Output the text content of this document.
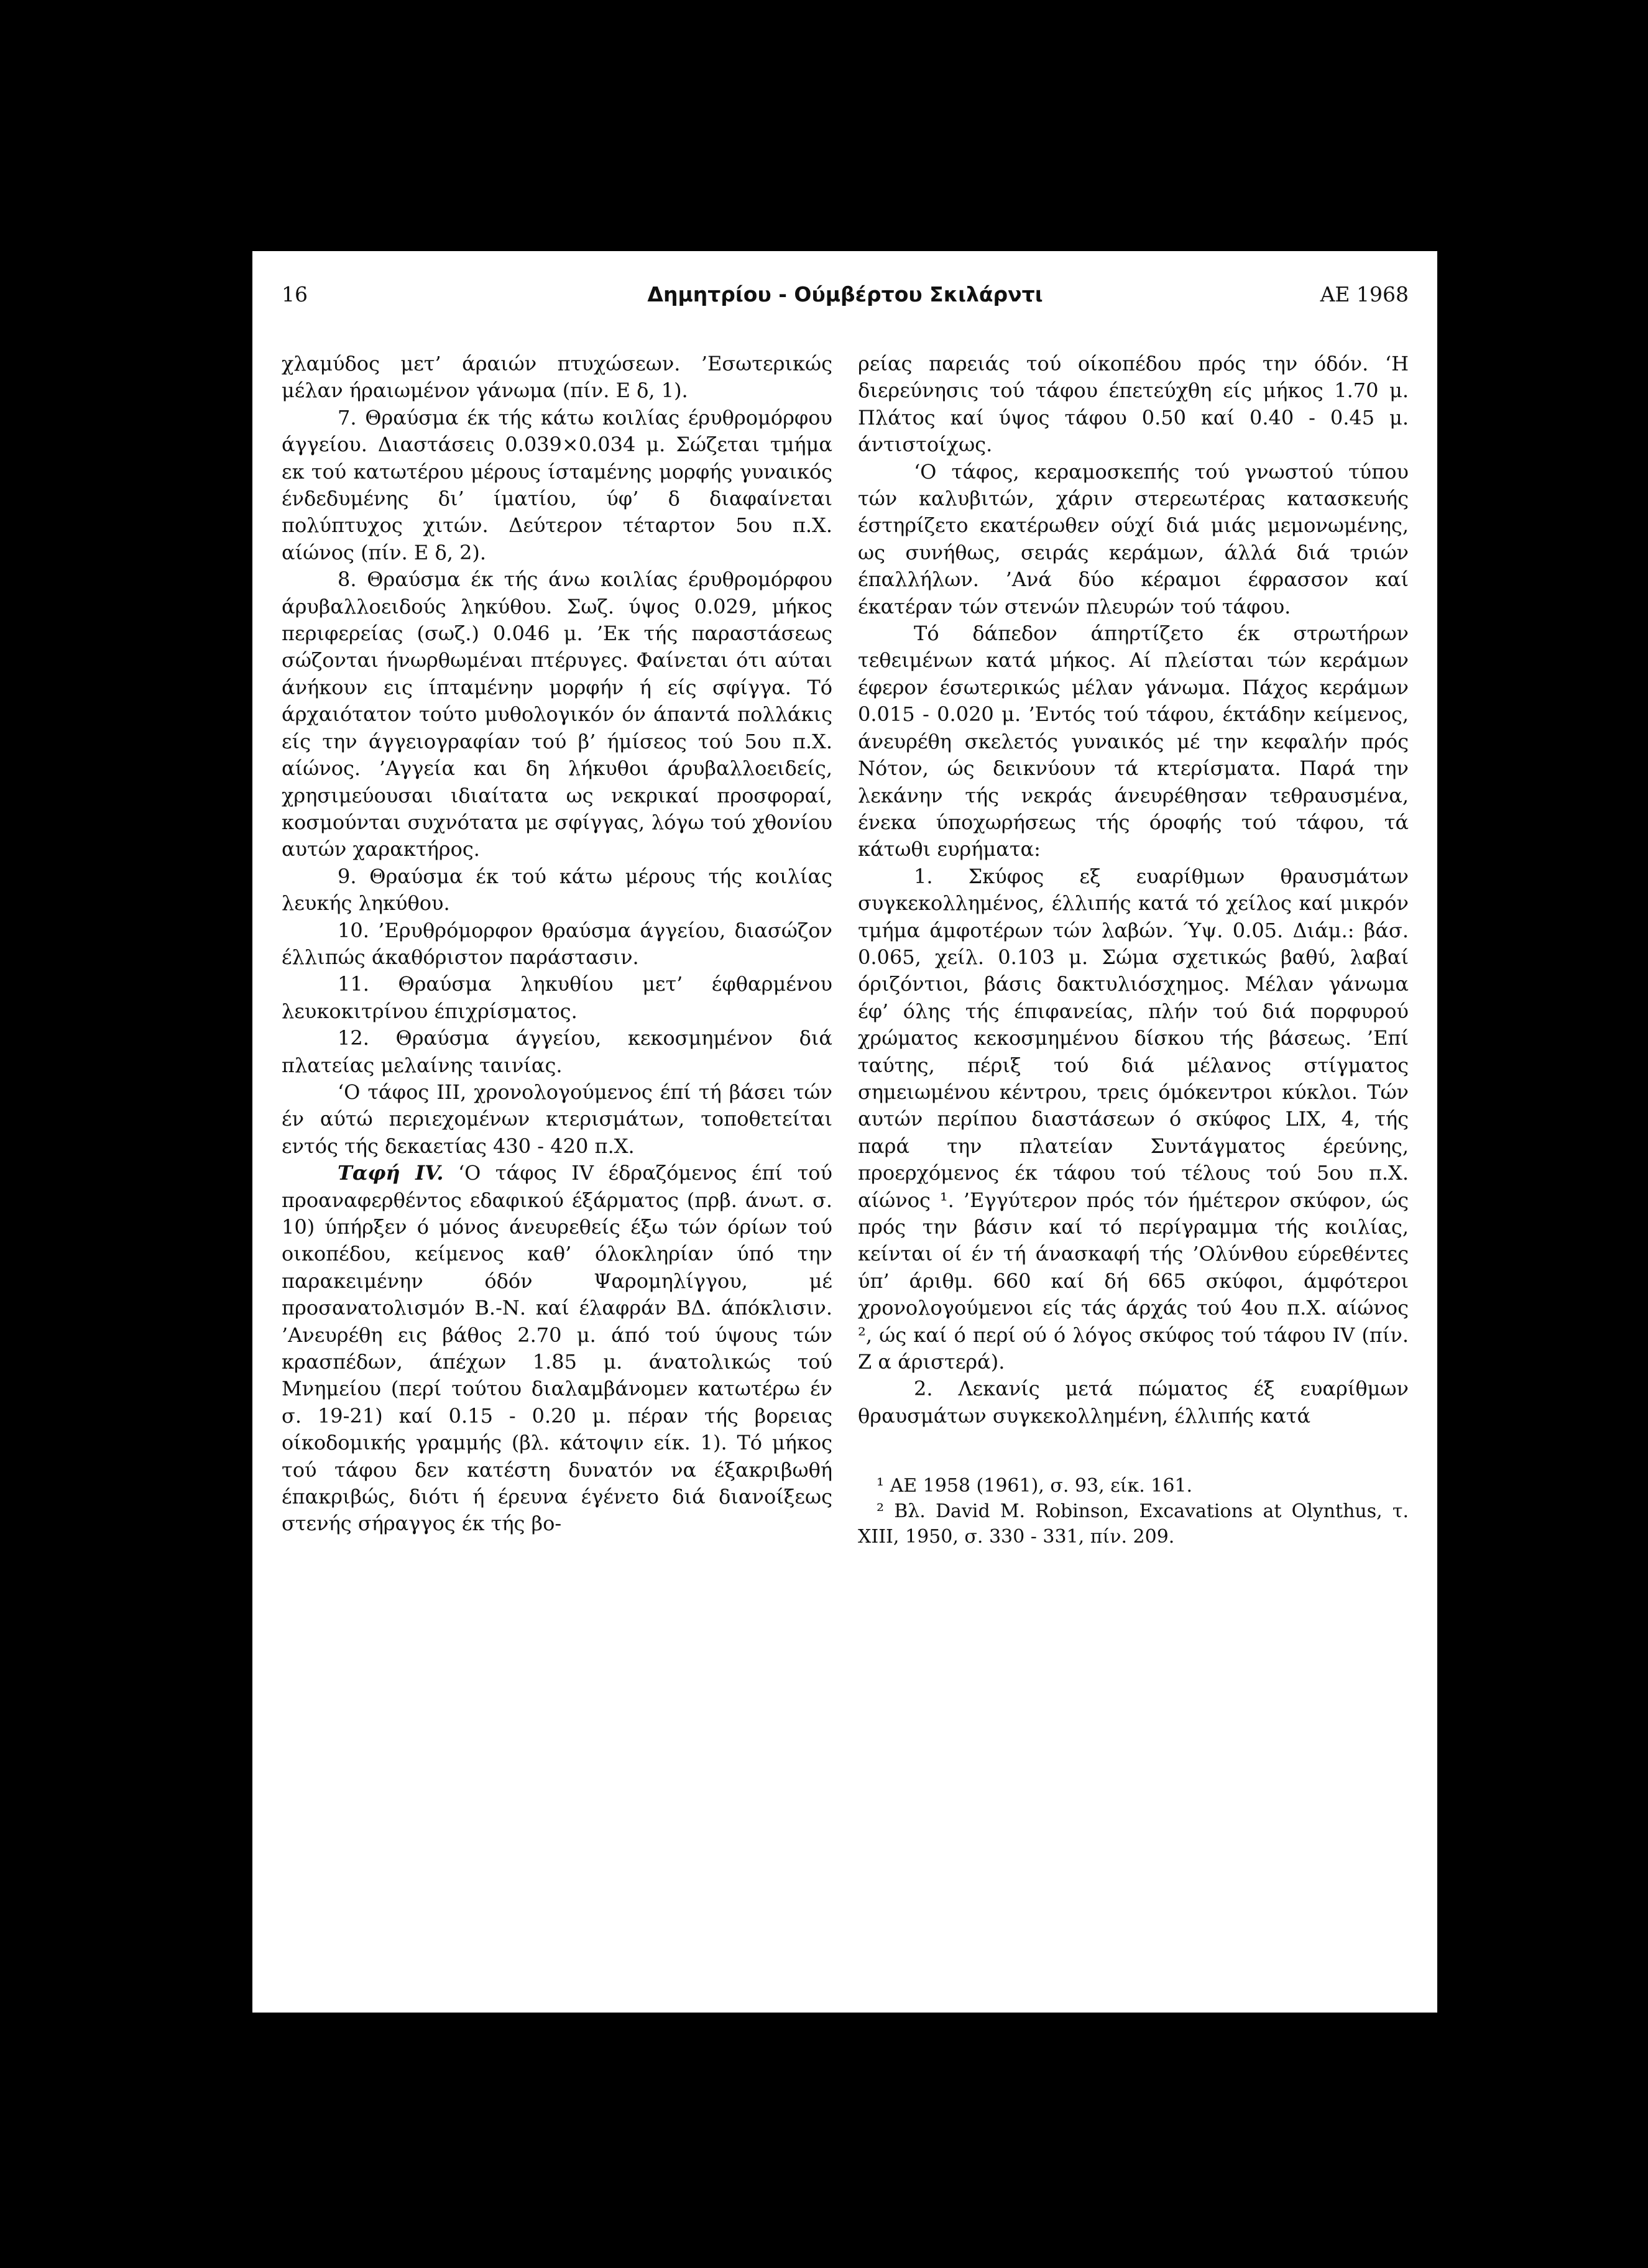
16	Δημητρίου - Ούμβέρτου Σκιλάρντι	ΑΕ 1968

χλαμύδος μετ’ άραιών πτυχώσεων. ’Εσωτερικώς μέλαν ήραιωμένον γάνωμα (πίν. Ε δ, 1).

7. Θραύσμα έκ τής κάτω κοιλίας έρυθρομόρφου άγγείου. Διαστάσεις 0.039×0.034 μ. Σώζεται τμήμα εκ τού κατωτέρου μέρους ίσταμένης μορφής γυναικός ένδεδυμένης δι’ ίματίου, ύφ’ δ διαφαίνεται πολύπτυχος χιτών. Δεύτερον τέταρτον 5ου π.Χ. αίώνος (πίν. Ε δ, 2).

8. Θραύσμα έκ τής άνω κοιλίας έρυθρομόρφου άρυβαλλοειδούς ληκύθου. Σωζ. ύψος 0.029, μήκος περιφερείας (σωζ.) 0.046 μ. ’Εκ τής παραστάσεως σώζονται ήνωρθωμέναι πτέρυγες. Φαίνεται ότι αύται άνήκουν εις ίπταμένην μορφήν ή είς σφίγγα. Τό άρχαιότατον τούτο μυθολογικόν όν άπαντά πολλάκις είς την άγγειογραφίαν τού β’ ήμίσεος τού 5ου π.Χ. αίώνος. ’Αγγεία και δη λήκυθοι άρυβαλλοειδείς, χρησιμεύουσαι ιδιαίτατα ως νεκρικαί προσφοραί, κοσμούνται συχνότατα με σφίγγας, λόγω τού χθονίου αυτών χαρακτήρος.

9. Θραύσμα έκ τού κάτω μέρους τής κοιλίας λευκής ληκύθου.

10. ’Ερυθρόμορφον θραύσμα άγγείου, διασώζον έλλιπώς άκαθόριστον παράστασιν.

11. Θραύσμα ληκυθίου μετ’ έφθαρμένου λευκοκιτρίνου έπιχρίσματος.

12. Θραύσμα άγγείου, κεκοσμημένον διά πλατείας μελαίνης ταινίας.

‘Ο τάφος ΙΙΙ, χρονολογούμενος έπί τή βάσει τών έν αύτώ περιεχομένων κτερισμάτων, τοποθετείται εντός τής δεκαετίας 430 - 420 π.Χ.

Ταφή IV. ‘Ο τάφος IV έδραζόμενος έπί τού προαναφερθέντος εδαφικού έξάρματος (πρβ. άνωτ. σ. 10) ύπήρξεν ό μόνος άνευρεθείς έξω τών όρίων τού οικοπέδου, κείμενος καθ’ όλοκληρίαν ύπό την παρακειμένην όδόν Ψαρομηλίγγου, μέ προσανατολισμόν Β.-Ν. καί έλαφράν ΒΔ. άπόκλισιν. ’Ανευρέθη εις βάθος 2.70 μ. άπό τού ύψους τών κρασπέδων, άπέχων 1.85 μ. άνατολικώς τού Μνημείου (περί τούτου διαλαμβάνομεν κατωτέρω έν σ. 19-21) καί 0.15 - 0.20 μ. πέραν τής βορειας οίκοδομικής γραμμής (βλ. κάτοψιν είκ. 1). Τό μήκος τού τάφου δεν κατέστη δυνατόν να έξακριβωθή έπακριβώς, διότι ή έρευνα έγένετο διά διανοίξεως στενής σήραγγος έκ τής βο-

ρείας παρειάς τού οίκοπέδου πρός την όδόν. ‘Η διερεύνησις τού τάφου έπετεύχθη είς μήκος 1.70 μ. Πλάτος καί ύψος τάφου 0.50 καί 0.40 - 0.45 μ. άντιστοίχως.

‘Ο τάφος, κεραμοσκεπής τού γνωστού τύπου τών καλυβιτών, χάριν στερεωτέρας κατασκευής έστηρίζετο εκατέρωθεν ούχί διά μιάς μεμονωμένης, ως συνήθως, σειράς κεράμων, άλλά διά τριών έπαλλήλων. ’Ανά δύο κέραμοι έφρασσον καί έκατέραν τών στενών πλευρών τού τάφου.

Τό δάπεδον άπηρτίζετο έκ στρωτήρων τεθειμένων κατά μήκος. Αί πλείσται τών κεράμων έφερον έσωτερικώς μέλαν γάνωμα. Πάχος κεράμων 0.015 - 0.020 μ. ’Εντός τού τάφου, έκτάδην κείμενος, άνευρέθη σκελετός γυναικός μέ την κεφαλήν πρός Νότον, ώς δεικνύουν τά κτερίσματα. Παρά την λεκάνην τής νεκράς άνευρέθησαν τεθραυσμένα, ένεκα ύποχωρήσεως τής όροφής τού τάφου, τά κάτωθι ευρήματα:

1. Σκύφος εξ ευαρίθμων θραυσμάτων συγκεκολλημένος, έλλιπής κατά τό χείλος καί μικρόν τμήμα άμφοτέρων τών λαβών. Ύψ. 0.05. Διάμ.: βάσ. 0.065, χείλ. 0.103 μ. Σώμα σχετικώς βαθύ, λαβαί όριζόντιοι, βάσις δακτυλιόσχημος. Μέλαν γάνωμα έφ’ όλης τής έπιφανείας, πλήν τού διά πορφυρού χρώματος κεκοσμημένου δίσκου τής βάσεως. ’Επί ταύτης, πέριξ τού διά μέλανος στίγματος σημειωμένου κέντρου, τρεις όμόκεντροι κύκλοι. Τών αυτών περίπου διαστάσεων ό σκύφος LIX, 4, τής παρά την πλατείαν Συντάγματος έρεύνης, προερχόμενος έκ τάφου τού τέλους τού 5ου π.Χ. αίώνος ¹. ’Εγγύτερον πρός τόν ήμέτερον σκύφον, ώς πρός την βάσιν καί τό περίγραμμα τής κοιλίας, κείνται οί έν τή άνασκαφή τής ’Ολύνθου εύρεθέντες ύπ’ άριθμ. 660 καί δή 665 σκύφοι, άμφότεροι χρονολογούμενοι είς τάς άρχάς τού 4ου π.Χ. αίώνος ², ώς καί ό περί ού ό λόγος σκύφος τού τάφου IV (πίν. Ζ α άριστερά).

2. Λεκανίς μετά πώματος έξ ευαρίθμων θραυσμάτων συγκεκολλημένη, έλλιπής κατά

¹ ΑΕ 1958 (1961), σ. 93, είκ. 161.

² Βλ. David M. Robinson, Excavations at Olynthus, τ. XIII, 1950, σ. 330 - 331, πίν. 209.
